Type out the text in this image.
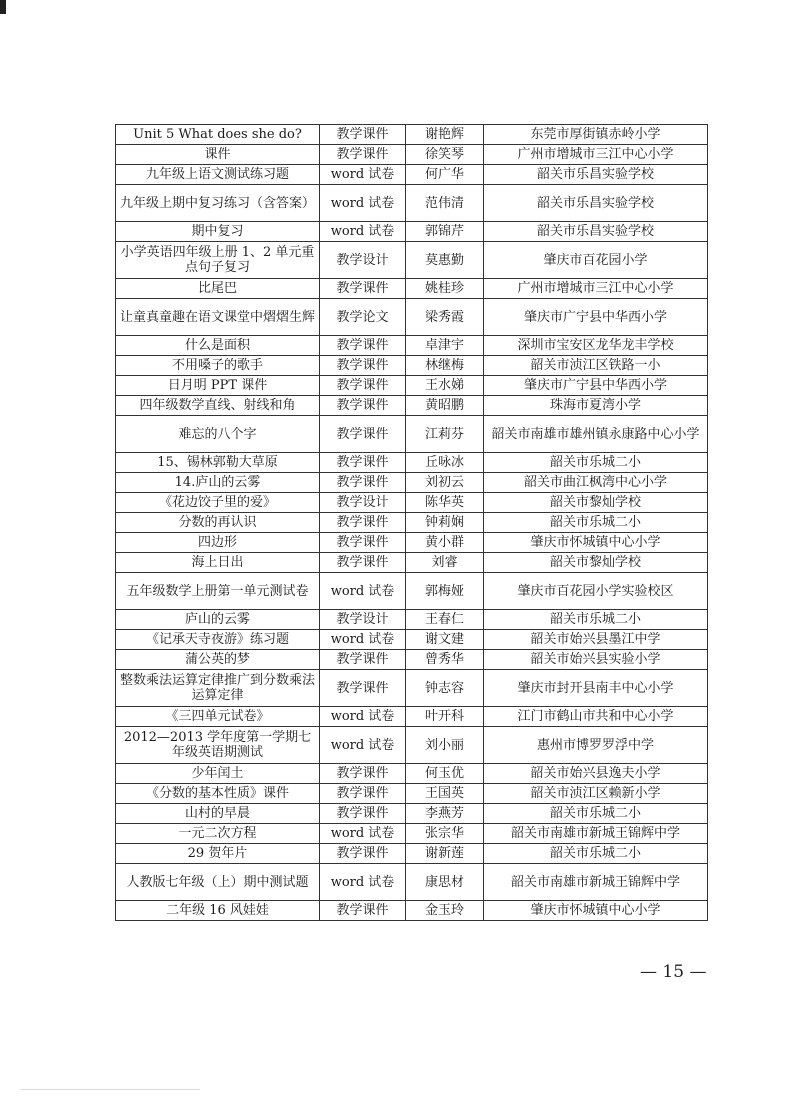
Unit 5 What does she do?	教学课件	谢艳辉	东莞市厚街镇赤岭小学
课件	教学课件	徐笑琴	广州市增城市三江中心小学
九年级上语文测试练习题	word 试卷	何广华	韶关市乐昌实验学校
九年级上期中复习练习（含答案）	word 试卷	范伟清	韶关市乐昌实验学校
期中复习	word 试卷	郭锦芹	韶关市乐昌实验学校
小学英语四年级上册 1、2 单元重点句子复习	教学设计	莫惠勤	肇庆市百花园小学
比尾巴	教学课件	姚桂珍	广州市增城市三江中心小学
让童真童趣在语文课堂中熠熠生辉	教学论文	梁秀霞	肇庆市广宁县中华西小学
什么是面积	教学课件	卓津宇	深圳市宝安区龙华龙丰学校
不用嗓子的歌手	教学课件	林继梅	韶关市浈江区铁路一小
日月明 PPT 课件	教学课件	王水娣	肇庆市广宁县中华西小学
四年级数学直线、射线和角	教学课件	黄昭鹏	珠海市夏湾小学
难忘的八个字	教学课件	江莉芬	韶关市南雄市雄州镇永康路中心小学
15、锡林郭勒大草原	教学课件	丘咏冰	韶关市乐城二小
14.庐山的云雾	教学课件	刘初云	韶关市曲江枫湾中心小学
《花边饺子里的爱》	教学设计	陈华英	韶关市黎灿学校
分数的再认识	教学课件	钟莉娴	韶关市乐城二小
四边形	教学课件	黄小群	肇庆市怀城镇中心小学
海上日出	教学课件	刘睿	韶关市黎灿学校
五年级数学上册第一单元测试卷	word 试卷	郭梅娅	肇庆市百花园小学实验校区
庐山的云雾	教学设计	王春仁	韶关市乐城二小
《记承天寺夜游》练习题	word 试卷	谢文建	韶关市始兴县墨江中学
蒲公英的梦	教学课件	曾秀华	韶关市始兴县实验小学
整数乘法运算定律推广到分数乘法运算定律	教学课件	钟志容	肇庆市封开县南丰中心小学
《三四单元试卷》	word 试卷	叶开科	江门市鹤山市共和中心小学
2012—2013 学年度第一学期七年级英语期测试	word 试卷	刘小丽	惠州市博罗罗浮中学
少年闰土	教学课件	何玉优	韶关市始兴县逸夫小学
《分数的基本性质》课件	教学课件	王国英	韶关市浈江区赖新小学
山村的早晨	教学课件	李燕芳	韶关市乐城二小
一元二次方程	word 试卷	张宗华	韶关市南雄市新城王锦辉中学
29 贺年片	教学课件	谢新莲	韶关市乐城二小
人教版七年级（上）期中测试题	word 试卷	康思材	韶关市南雄市新城王锦辉中学
二年级 16 风娃娃	教学课件	金玉玲	肇庆市怀城镇中心小学
— 15 —
